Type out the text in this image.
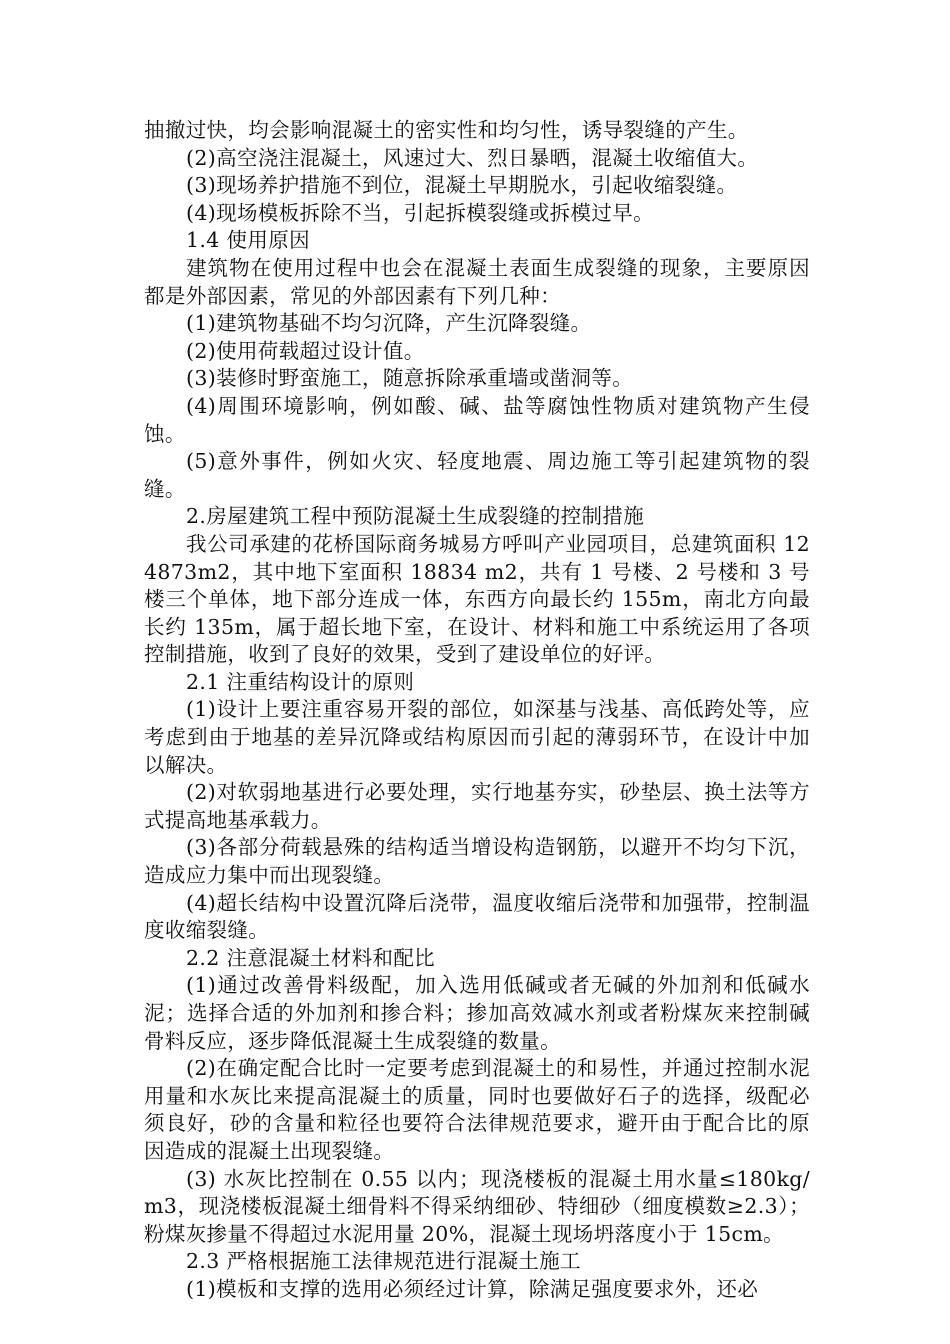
抽撤过快，均会影响混凝土的密实性和均匀性，诱导裂缝的产生。

(2)高空浇注混凝土，风速过大、烈日暴晒，混凝土收缩值大。

(3)现场养护措施不到位，混凝土早期脱水，引起收缩裂缝。

(4)现场模板拆除不当，引起拆模裂缝或拆模过早。

1.4 使用原因

建筑物在使用过程中也会在混凝土表面生成裂缝的现象，主要原因都是外部因素，常见的外部因素有下列几种：

(1)建筑物基础不均匀沉降，产生沉降裂缝。

(2)使用荷载超过设计值。

(3)装修时野蛮施工，随意拆除承重墙或凿洞等。

(4)周围环境影响，例如酸、碱、盐等腐蚀性物质对建筑物产生侵蚀。

(5)意外事件，例如火灾、轻度地震、周边施工等引起建筑物的裂缝。

2.房屋建筑工程中预防混凝土生成裂缝的控制措施

我公司承建的花桥国际商务城易方呼叫产业园项目，总建筑面积 124873m2，其中地下室面积 18834 m2，共有 1 号楼、2 号楼和 3 号楼三个单体，地下部分连成一体，东西方向最长约 155m，南北方向最长约 135m，属于超长地下室，在设计、材料和施工中系统运用了各项控制措施，收到了良好的效果，受到了建设单位的好评。

2.1 注重结构设计的原则

(1)设计上要注重容易开裂的部位，如深基与浅基、高低跨处等，应考虑到由于地基的差异沉降或结构原因而引起的薄弱环节，在设计中加以解决。

(2)对软弱地基进行必要处理，实行地基夯实，砂垫层、换土法等方式提高地基承载力。

(3)各部分荷载悬殊的结构适当增设构造钢筋，以避开不均匀下沉，造成应力集中而出现裂缝。

(4)超长结构中设置沉降后浇带，温度收缩后浇带和加强带，控制温度收缩裂缝。

2.2 注意混凝土材料和配比

(1)通过改善骨料级配，加入选用低碱或者无碱的外加剂和低碱水泥；选择合适的外加剂和掺合料；掺加高效减水剂或者粉煤灰来控制碱骨料反应，逐步降低混凝土生成裂缝的数量。

(2)在确定配合比时一定要考虑到混凝土的和易性，并通过控制水泥用量和水灰比来提高混凝土的质量，同时也要做好石子的选择，级配必须良好，砂的含量和粒径也要符合法律规范要求，避开由于配合比的原因造成的混凝土出现裂缝。

(3) 水灰比控制在 0.55 以内；现浇楼板的混凝土用水量≤180kg/m3，现浇楼板混凝土细骨料不得采纳细砂、特细砂（细度模数≥2.3）；粉煤灰掺量不得超过水泥用量 20%，混凝土现场坍落度小于 15cm。

2.3 严格根据施工法律规范进行混凝土施工

(1)模板和支撑的选用必须经过计算，除满足强度要求外，还必
